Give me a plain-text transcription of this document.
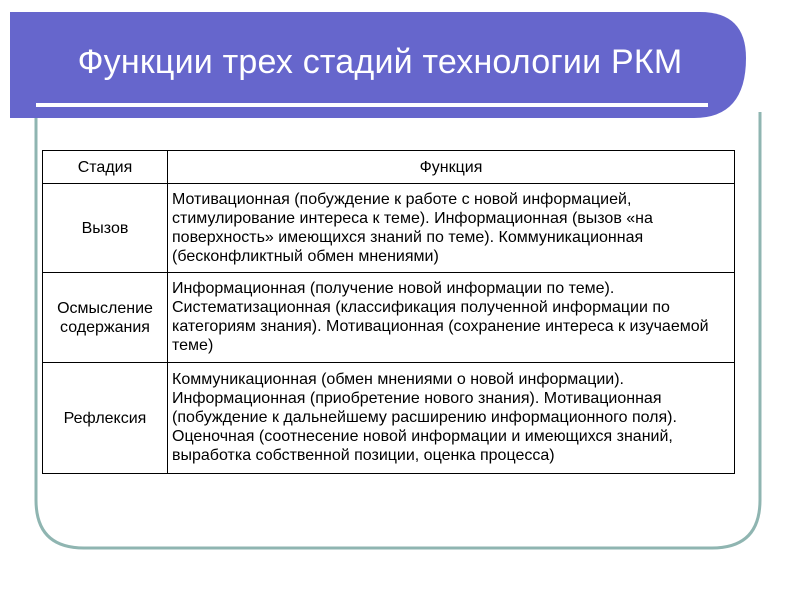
Функции трех стадий технологии РКМ
Стадия	Функция
Вызов	Мотивационная (побуждение к работе с новой информацией, стимулирование интереса к теме). Информационная (вызов «на поверхность» имеющихся знаний по теме). Коммуникационная (бесконфликтный обмен мнениями)
Осмысление содержания	Информационная (получение новой информации по теме). Систематизационная (классификация полученной информации по категориям знания). Мотивационная (сохранение интереса к изучаемой теме)
Рефлексия	Коммуникационная (обмен мнениями о новой информации). Информационная (приобретение нового знания). Мотивационная (побуждение к дальнейшему расширению информационного поля). Оценочная (соотнесение новой информации и имеющихся знаний, выработка собственной позиции, оценка процесса)
